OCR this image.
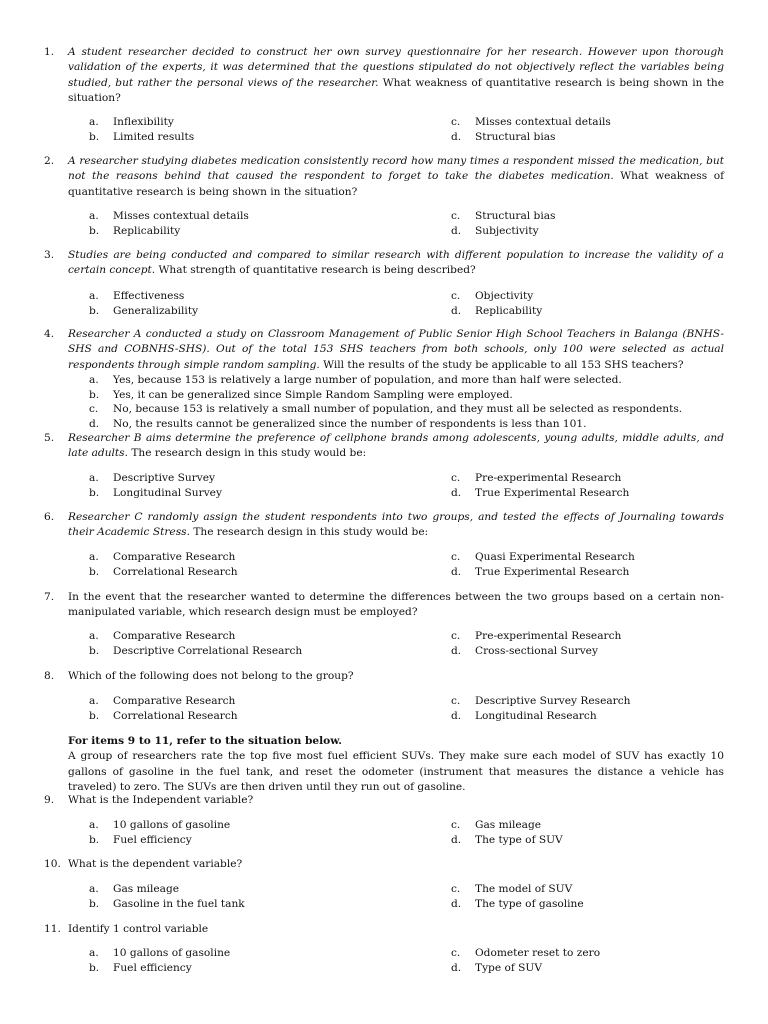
1.	A student researcher decided to construct her own survey questionnaire for her research. However upon thorough validation of the experts, it was determined that the questions stipulated do not objectively reflect the variables being studied, but rather the personal views of the researcher. What weakness of quantitative research is being shown in the situation?
a. Inflexibility
b. Limited results
c. Misses contextual details
d. Structural bias
2.	A researcher studying diabetes medication consistently record how many times a respondent missed the medication, but not the reasons behind that caused the respondent to forget to take the diabetes medication. What weakness of quantitative research is being shown in the situation?
a. Misses contextual details
b. Replicability
c. Structural bias
d. Subjectivity
3.	Studies are being conducted and compared to similar research with different population to increase the validity of a certain concept. What strength of quantitative research is being described?
a. Effectiveness
b. Generalizability
c. Objectivity
d. Replicability
4.	Researcher A conducted a study on Classroom Management of Public Senior High School Teachers in Balanga (BNHS-SHS and COBNHS-SHS). Out of the total 153 SHS teachers from both schools, only 100 were selected as actual respondents through simple random sampling. Will the results of the study be applicable to all 153 SHS teachers?
a. Yes, because 153 is relatively a large number of population, and more than half were selected.
b. Yes, it can be generalized since Simple Random Sampling were employed.
c. No, because 153 is relatively a small number of population, and they must all be selected as respondents.
d. No, the results cannot be generalized since the number of respondents is less than 101.
5.	Researcher B aims determine the preference of cellphone brands among adolescents, young adults, middle adults, and late adults. The research design in this study would be:
a. Descriptive Survey
b. Longitudinal Survey
c. Pre-experimental Research
d. True Experimental Research
6.	Researcher C randomly assign the student respondents into two groups, and tested the effects of Journaling towards their Academic Stress. The research design in this study would be:
a. Comparative Research
b. Correlational Research
c. Quasi Experimental Research
d. True Experimental Research
7.	In the event that the researcher wanted to determine the differences between the two groups based on a certain non-manipulated variable, which research design must be employed?
a. Comparative Research
b. Descriptive Correlational Research
c. Pre-experimental Research
d. Cross-sectional Survey
8.	Which of the following does not belong to the group?
a. Comparative Research
b. Correlational Research
c. Descriptive Survey Research
d. Longitudinal Research
For items 9 to 11, refer to the situation below.
A group of researchers rate the top five most fuel efficient SUVs. They make sure each model of SUV has exactly 10 gallons of gasoline in the fuel tank, and reset the odometer (instrument that measures the distance a vehicle has traveled) to zero. The SUVs are then driven until they run out of gasoline.
9.	What is the Independent variable?
a. 10 gallons of gasoline
b. Fuel efficiency
c. Gas mileage
d. The type of SUV
10. What is the dependent variable?
a. Gas mileage
b. Gasoline in the fuel tank
c. The model of SUV
d. The type of gasoline
11. Identify 1 control variable
a. 10 gallons of gasoline
b. Fuel efficiency
c. Odometer reset to zero
d. Type of SUV
